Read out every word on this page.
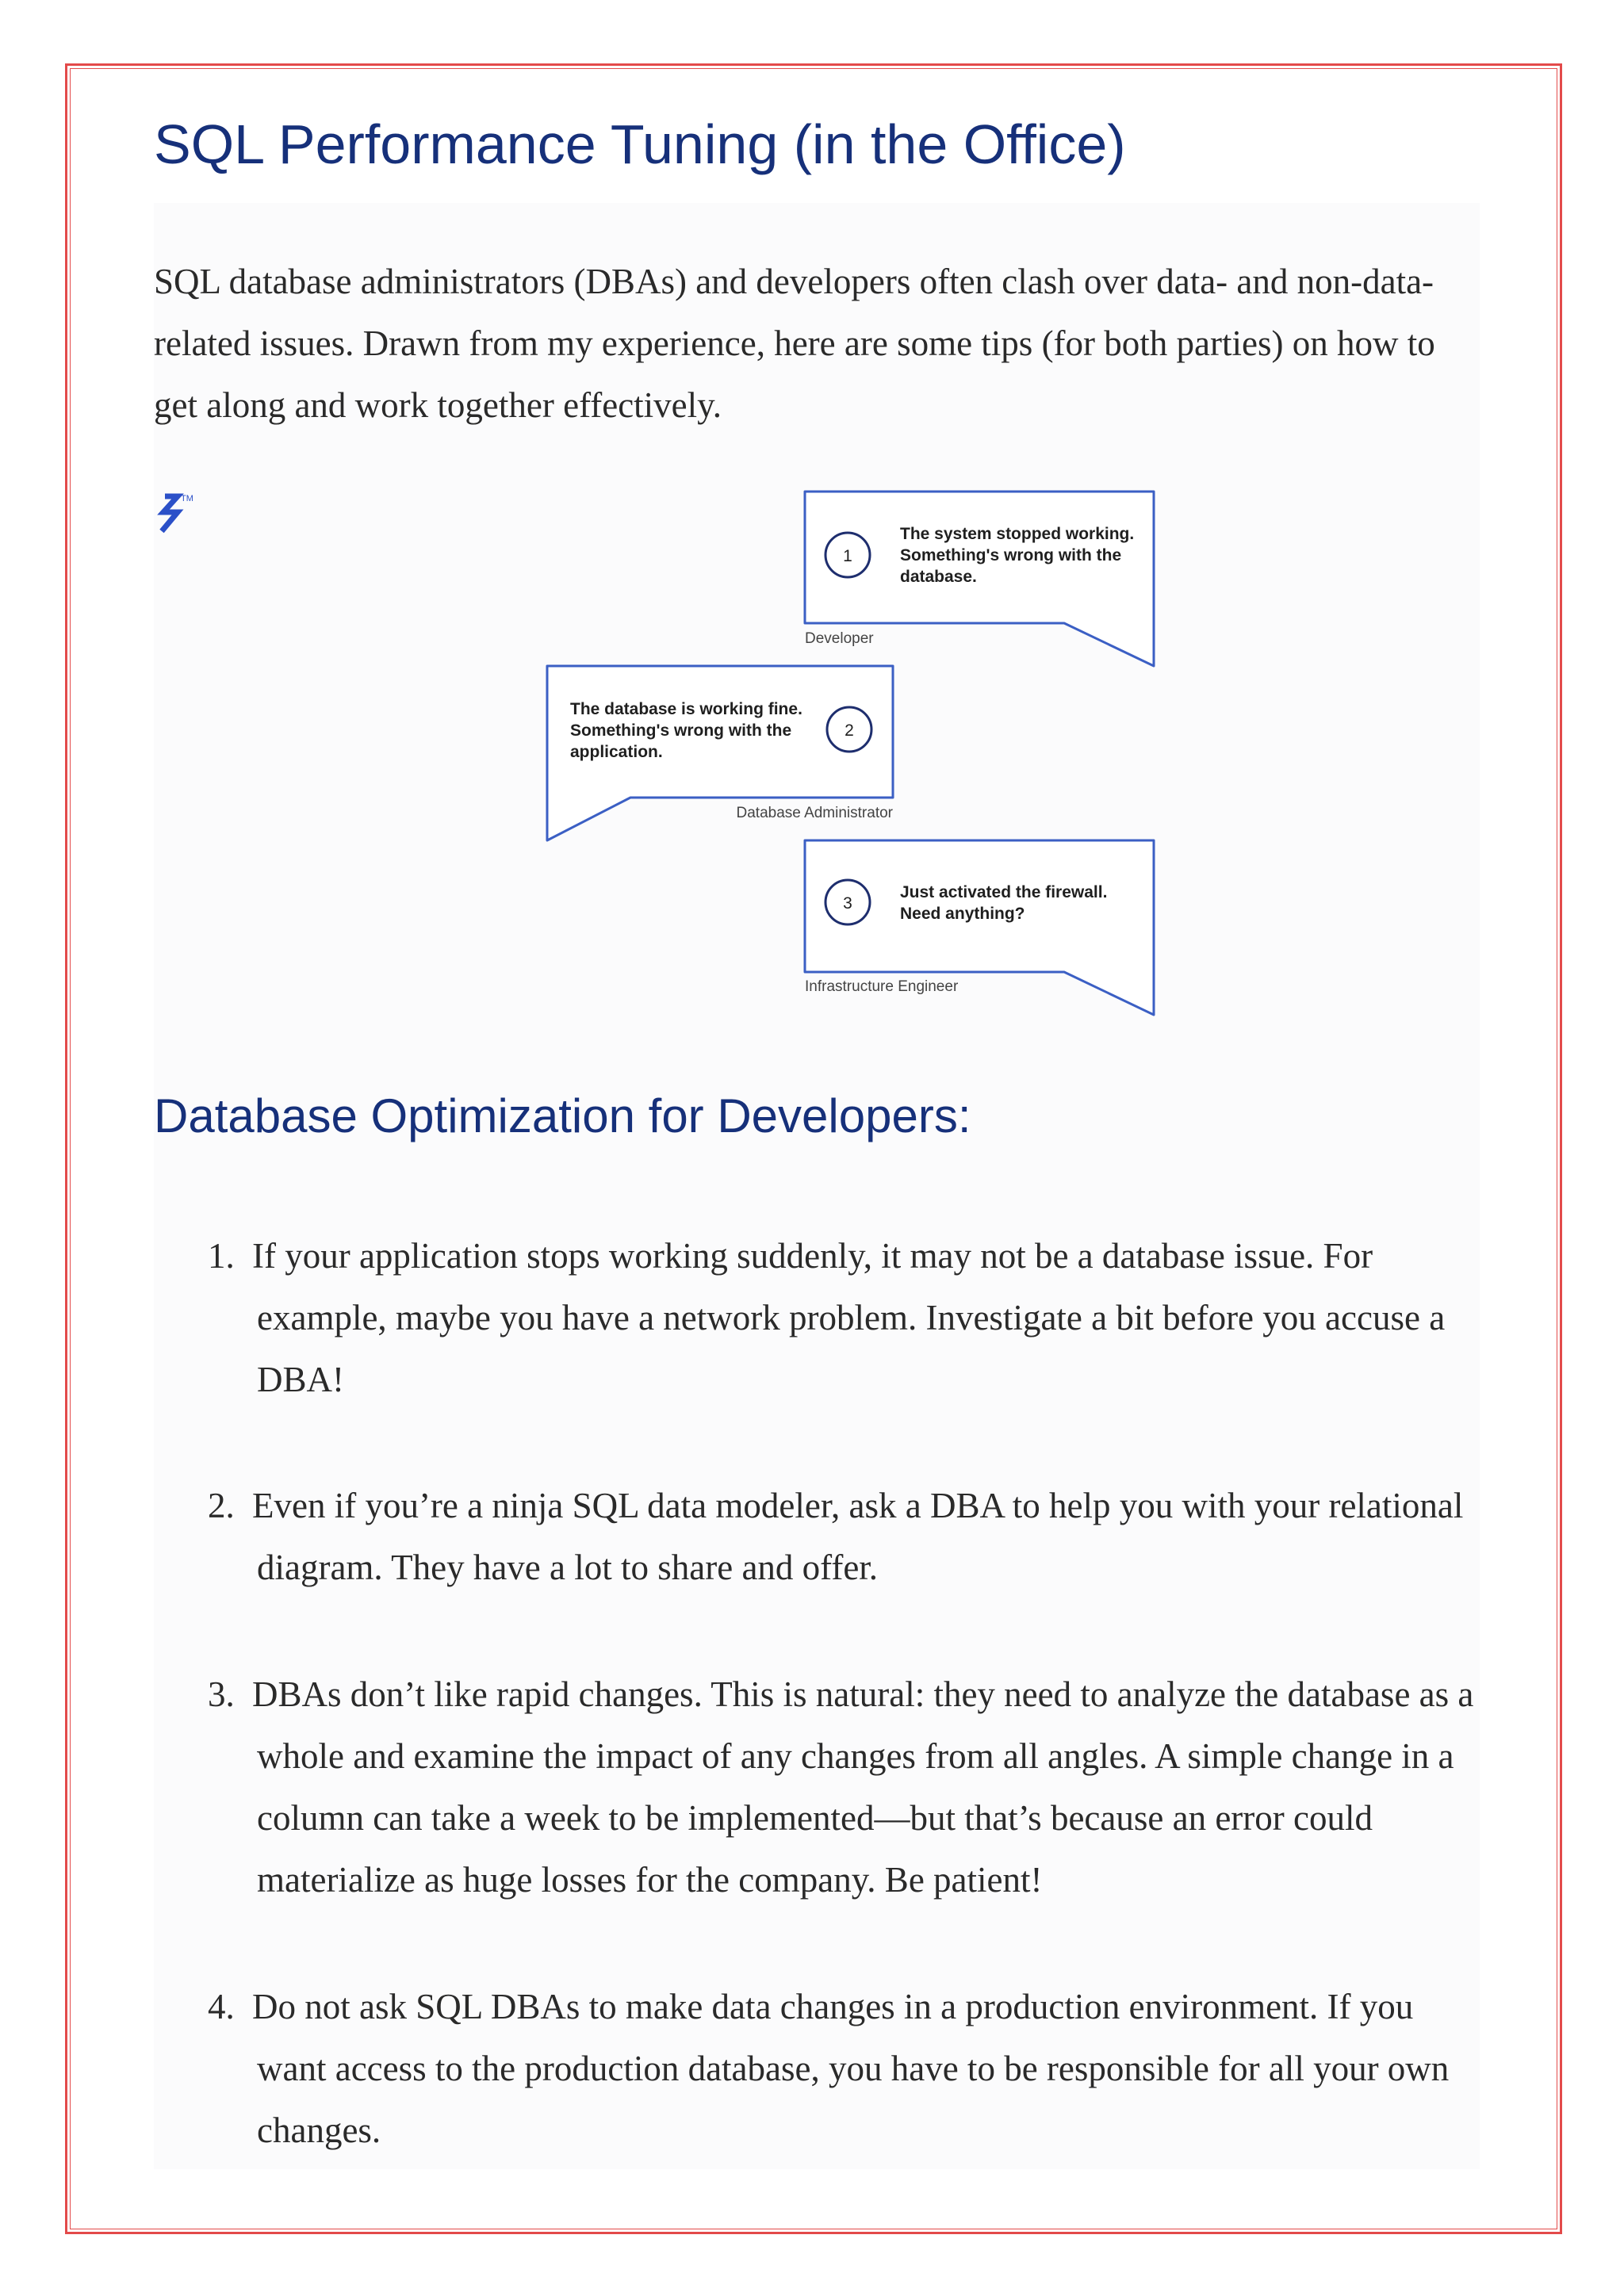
SQL Performance Tuning (in the Office)

SQL database administrators (DBAs) and developers often clash over data- and non-data-related issues. Drawn from my experience, here are some tips (for both parties) on how to get along and work together effectively.

TM
1
The system stopped working. Something's wrong with the database.
Developer
2
The database is working fine. Something's wrong with the application.
Database Administrator
3
Just activated the firewall. Need anything?
Infrastructure Engineer
Database Optimization for Developers:

1. If your application stops working suddenly, it may not be a database issue. For example, maybe you have a network problem. Investigate a bit before you accuse a DBA!

2. Even if you’re a ninja SQL data modeler, ask a DBA to help you with your relational diagram. They have a lot to share and offer.

3. DBAs don’t like rapid changes. This is natural: they need to analyze the database as a whole and examine the impact of any changes from all angles. A simple change in a column can take a week to be implemented—but that’s because an error could materialize as huge losses for the company. Be patient!

4. Do not ask SQL DBAs to make data changes in a production environment. If you want access to the production database, you have to be responsible for all your own changes.
